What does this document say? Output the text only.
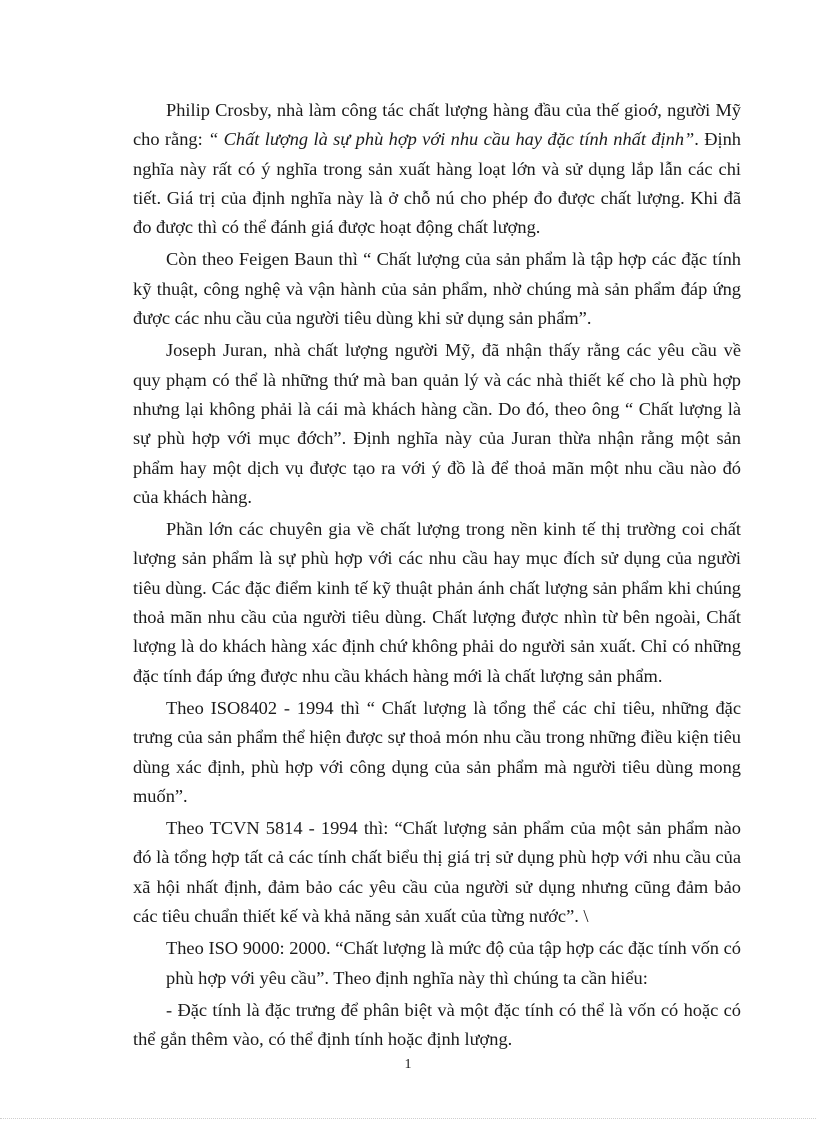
Philip Crosby, nhà làm công tác chất lượng hàng đầu của thế gioớ, người Mỹ cho rằng: “ Chất lượng là sự phù hợp với nhu cầu hay đặc tính nhất định”. Định nghĩa này rất có ý nghĩa trong sản xuất hàng loạt lớn và sử dụng lắp lẫn các chi tiết. Giá trị của định nghĩa này là ở chỗ nú cho phép đo được chất lượng. Khi đã đo được thì có thể đánh giá được hoạt động chất lượng.

Còn theo Feigen Baun thì “ Chất lượng của sản phẩm là tập hợp các đặc tính kỹ thuật, công nghệ và vận hành của sản phẩm, nhờ chúng mà sản phẩm đáp ứng được các nhu cầu của người tiêu dùng khi sử dụng sản phẩm”.

Joseph Juran, nhà chất lượng người Mỹ, đã nhận thấy rằng các yêu cầu về quy phạm có thể là những thứ mà ban quản lý và các nhà thiết kế cho là phù hợp nhưng lại không phải là cái mà khách hàng cần. Do đó, theo ông “ Chất lượng là sự phù hợp với mục đớch”. Định nghĩa này của Juran thừa nhận rằng một sản phẩm hay một dịch vụ được tạo ra với ý đồ là để thoả mãn một nhu cầu nào đó của khách hàng.

Phần lớn các chuyên gia về chất lượng trong nền kinh tế thị trường coi chất lượng sản phẩm là sự phù hợp với các nhu cầu hay mục đích sử dụng của người tiêu dùng. Các đặc điểm kinh tế kỹ thuật phản ánh chất lượng sản phẩm khi chúng thoả mãn nhu cầu của người tiêu dùng. Chất lượng được nhìn từ bên ngoài, Chất lượng là do khách hàng xác định chứ không phải do người sản xuất. Chỉ có những đặc tính đáp ứng được nhu cầu khách hàng mới là chất lượng sản phẩm.

Theo ISO8402 - 1994 thì “ Chất lượng là tổng thể các chỉ tiêu, những đặc trưng của sản phẩm thể hiện được sự thoả món nhu cầu trong những điều kiện tiêu dùng xác định, phù hợp với công dụng của sản phẩm mà người tiêu dùng mong muốn”.

Theo TCVN 5814 - 1994 thì: “Chất lượng sản phẩm của một sản phẩm nào đó là tổng hợp tất cả các tính chất biểu thị giá trị sử dụng phù hợp với nhu cầu của xã hội nhất định, đảm bảo các yêu cầu của người sử dụng nhưng cũng đảm bảo các tiêu chuẩn thiết kế và khả năng sản xuất của từng nước”. \

Theo ISO 9000: 2000. “Chất lượng là mức độ của tập hợp các đặc tính vốn có phù hợp với yêu cầu”. Theo định nghĩa này thì chúng ta cần hiểu:

- Đặc tính là đặc trưng để phân biệt và một đặc tính có thể là vốn có hoặc có thể gắn thêm vào, có thể định tính hoặc định lượng.

1
